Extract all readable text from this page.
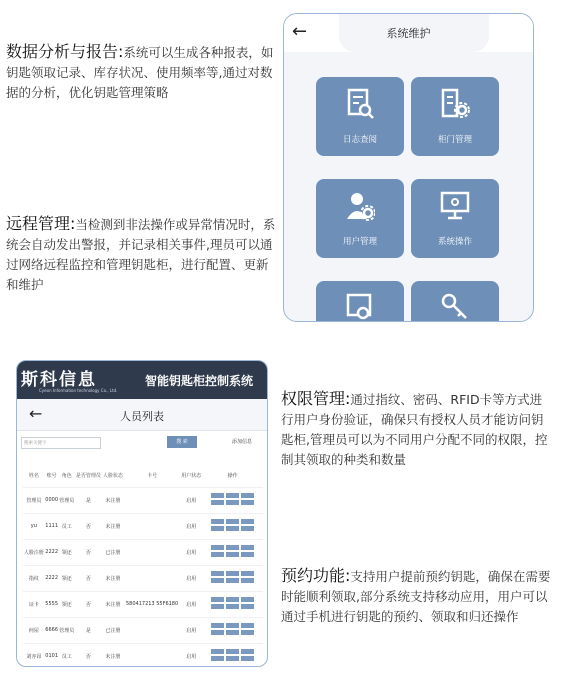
数据分析与报告:系统可以生成各种报表，如钥匙领取记录、库存状况、使用频率等,通过对数据的分析，优化钥匙管理策略
远程管理:当检测到非法操作或异常情况时，系统会自动发出警报，并记录相关事件,理员可以通过网络远程监控和管理钥匙柜，进行配置、更新和维护
权限管理:通过指纹、密码、RFID卡等方式进行用户身份验证，确保只有授权人员才能访问钥匙柜,管理员可以为不同用户分配不同的权限，控制其领取的种类和数量
预约功能:支持用户提前预约钥匙，确保在需要时能顺利领取,部分系统支持移动应用，用户可以通过手机进行钥匙的预约、领取和归还操作
←	系统维护
日志查阅	柜门管理
用户管理	系统操作
斯科信息
Cyeon Information technology Co., Ltd.
智能钥匙柜控制系统
←	人员列表
搜索关键字	搜 索	添加信息
姓名	账号	角色	是否管理员	人脸状态	卡号	用户状态	操作
管理员	0000	管理员	是	未注册		启用	
yu	1111	员工	否	未注册		启用	
人脸注册	2222	领还	否	已注册		启用	
指纹	2222	领还	否	未注册		启用	
证卡	5555	领还	否	未注册	580417213 55F6180	启用	
何屋	6666	管理员	是	已注册		启用	
刘亦昂	0101	员工	否	未注册		启用	
